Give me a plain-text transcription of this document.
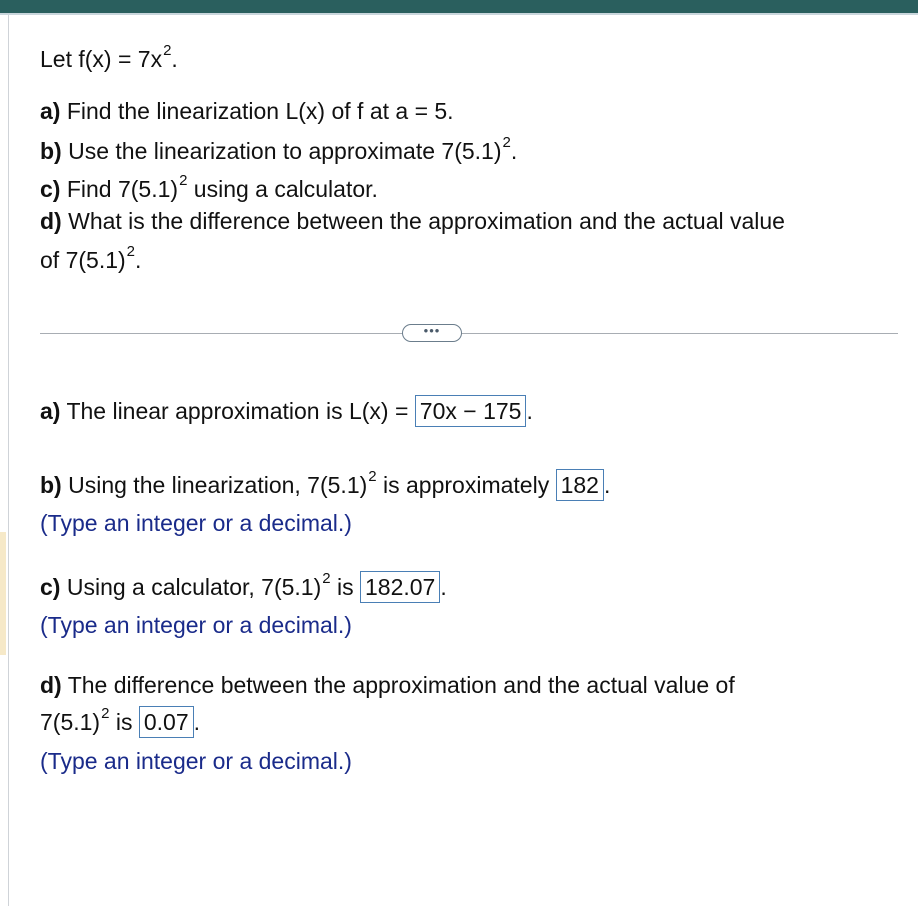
Let $f(x) = 7x^2$.
a) Find the linearization L(x) of f at a = 5.
b) Use the linearization to approximate $7(5.1)^2$.
c) Find $7(5.1)^2$ using a calculator.
d) What is the difference between the approximation and the actual value
of $7(5.1)^2$.
•••
a) The linear approximation is L(x) = 70x − 175 .
b) Using the linearization, $7(5.1)^2$ is approximately 182 .
(Type an integer or a decimal.)
c) Using a calculator, $7(5.1)^2$ is 182.07 .
(Type an integer or a decimal.)
d) The difference between the approximation and the actual value of
$7(5.1)^2$ is 0.07 .
(Type an integer or a decimal.)
